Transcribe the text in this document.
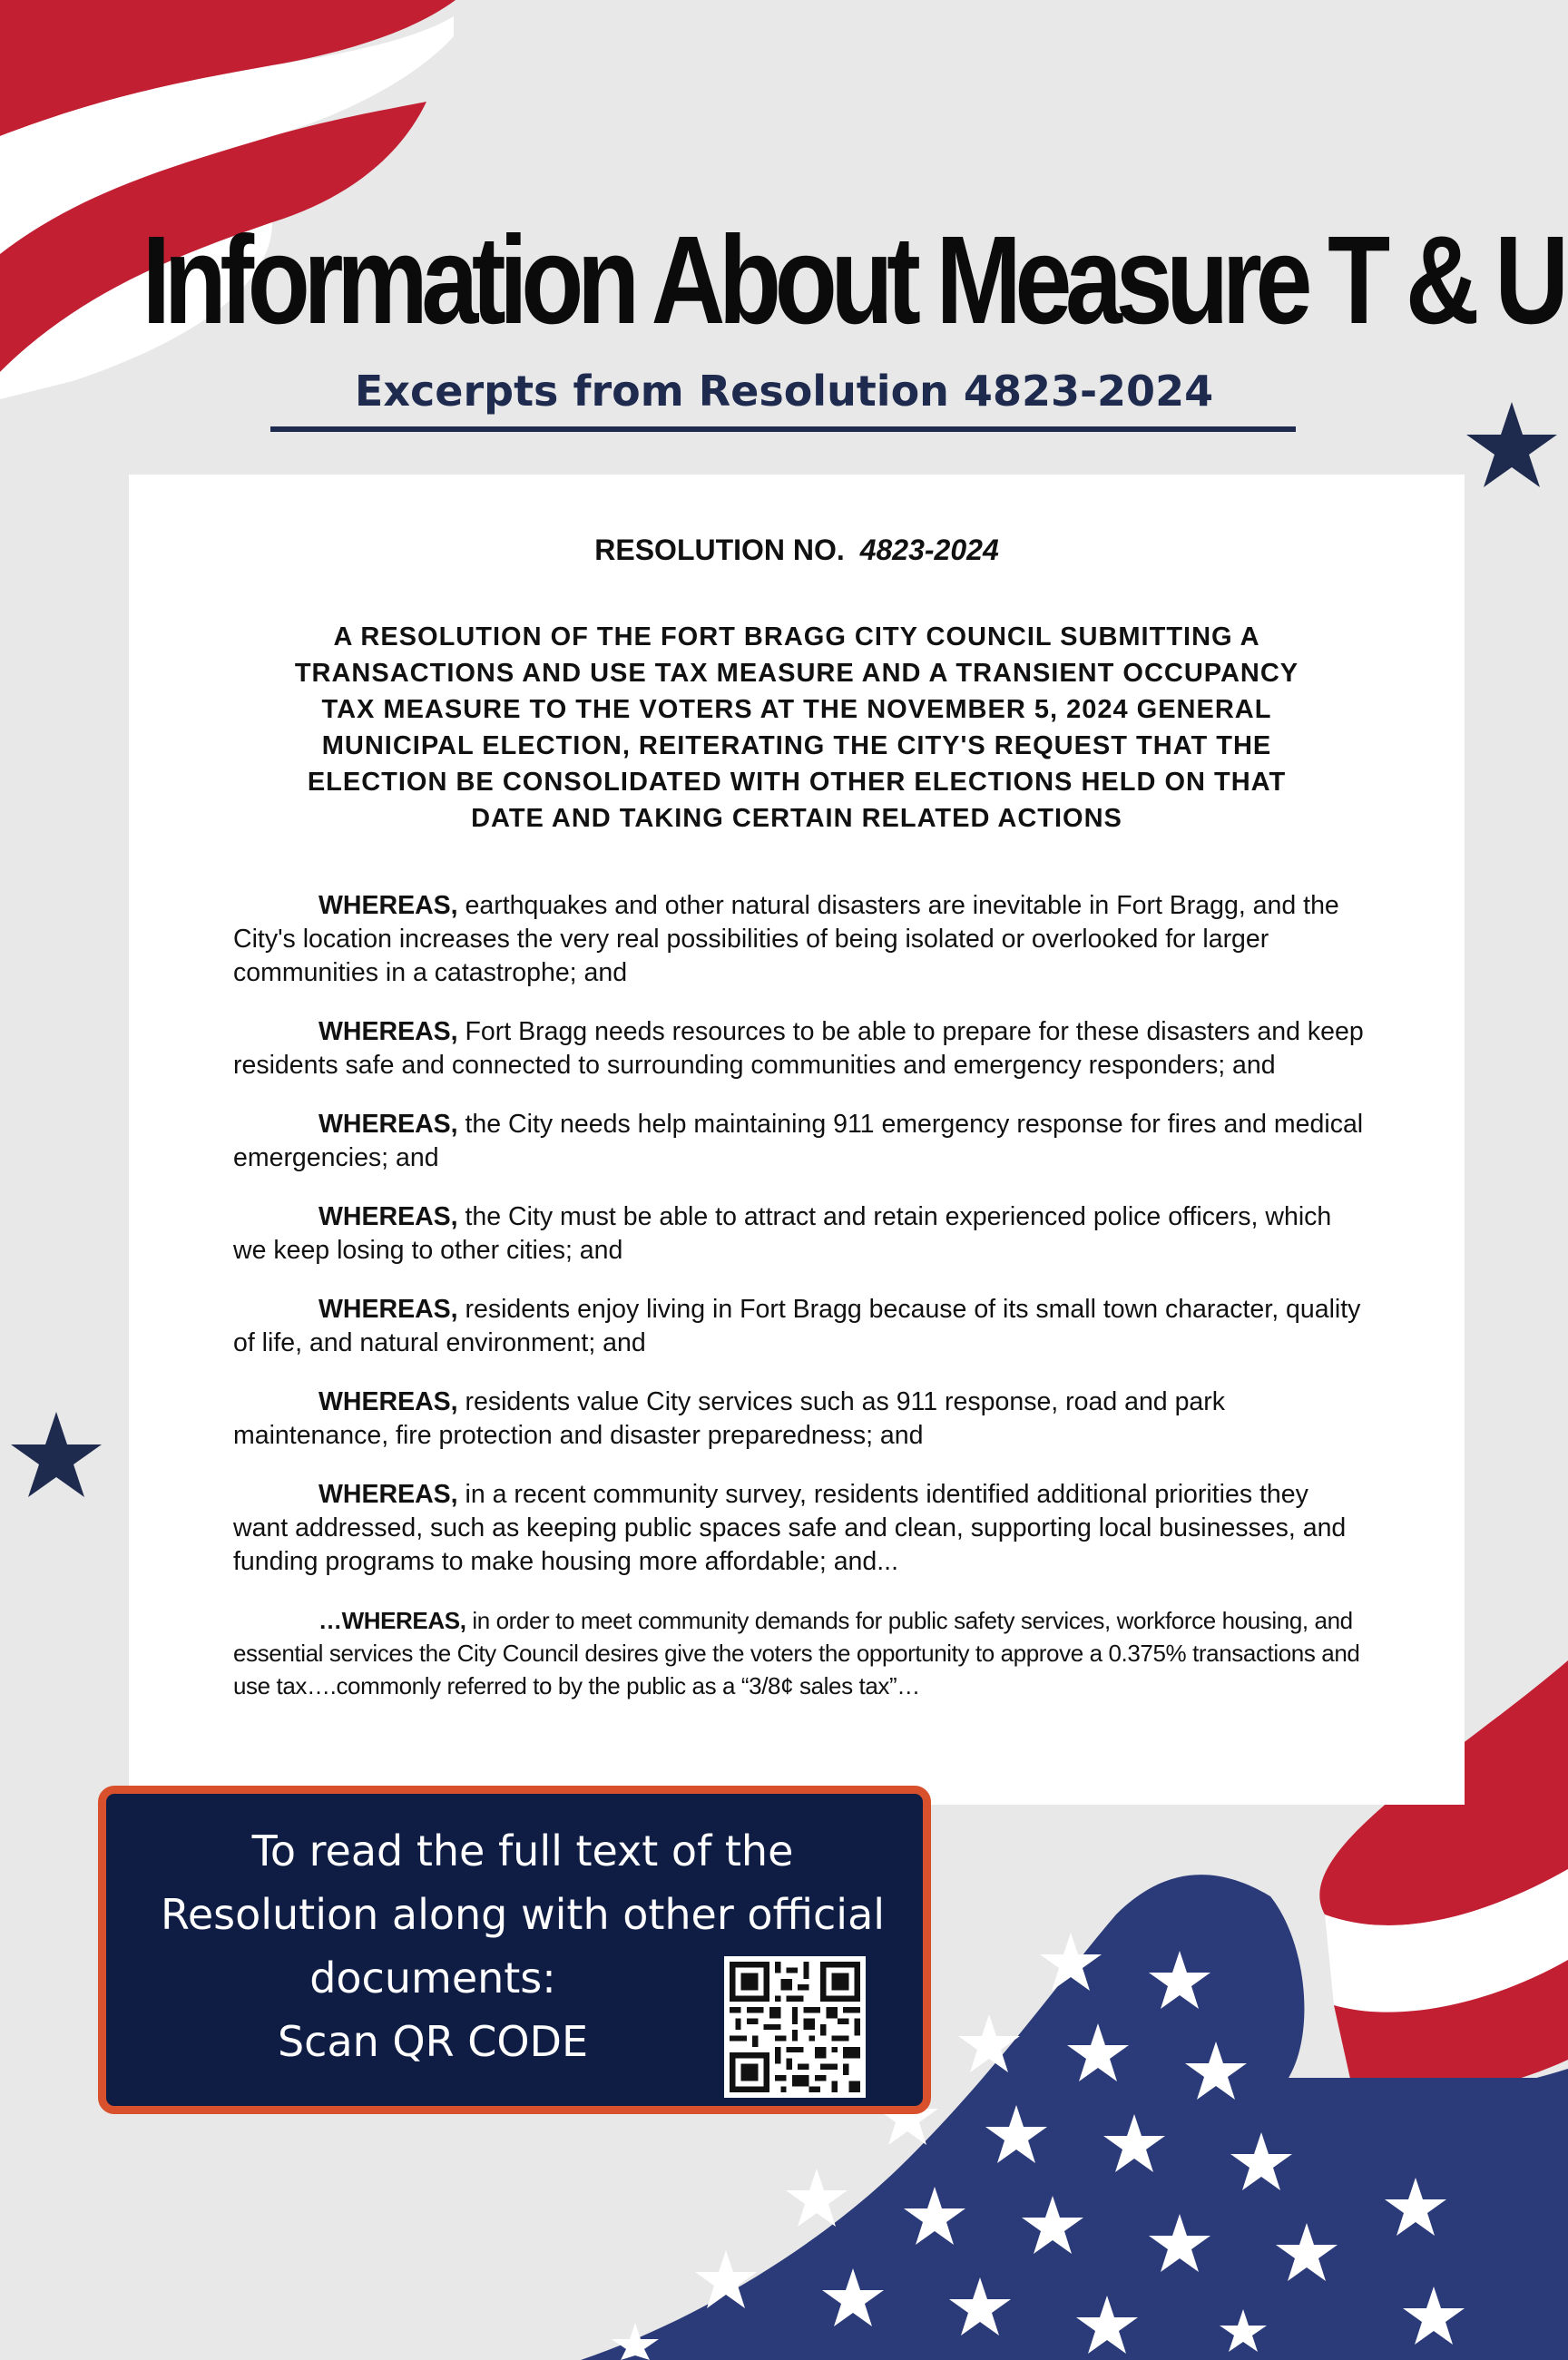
Information About Measure T & U
Excerpts from Resolution 4823-2024
RESOLUTION NO. 4823-2024
A RESOLUTION OF THE FORT BRAGG CITY COUNCIL SUBMITTING A
TRANSACTIONS AND USE TAX MEASURE AND A TRANSIENT OCCUPANCY
TAX MEASURE TO THE VOTERS AT THE NOVEMBER 5, 2024 GENERAL
MUNICIPAL ELECTION, REITERATING THE CITY'S REQUEST THAT THE
ELECTION BE CONSOLIDATED WITH OTHER ELECTIONS HELD ON THAT
DATE AND TAKING CERTAIN RELATED ACTIONS

WHEREAS, earthquakes and other natural disasters are inevitable in Fort Bragg, and the City's location increases the very real possibilities of being isolated or overlooked for larger communities in a catastrophe; and

WHEREAS, Fort Bragg needs resources to be able to prepare for these disasters and keep residents safe and connected to surrounding communities and emergency responders; and

WHEREAS, the City needs help maintaining 911 emergency response for fires and medical emergencies; and

WHEREAS, the City must be able to attract and retain experienced police officers, which we keep losing to other cities; and

WHEREAS, residents enjoy living in Fort Bragg because of its small town character, quality of life, and natural environment; and

WHEREAS, residents value City services such as 911 response, road and park maintenance, fire protection and disaster preparedness; and

WHEREAS, in a recent community survey, residents identified additional priorities they want addressed, such as keeping public spaces safe and clean, supporting local businesses, and funding programs to make housing more affordable; and...

…WHEREAS, in order to meet community demands for public safety services, workforce housing, and essential services the City Council desires give the voters the opportunity to approve a 0.375% transactions and use tax….commonly referred to by the public as a “3/8¢ sales tax”…

To read the full text of the
Resolution along with other official
documents:
Scan QR CODE
